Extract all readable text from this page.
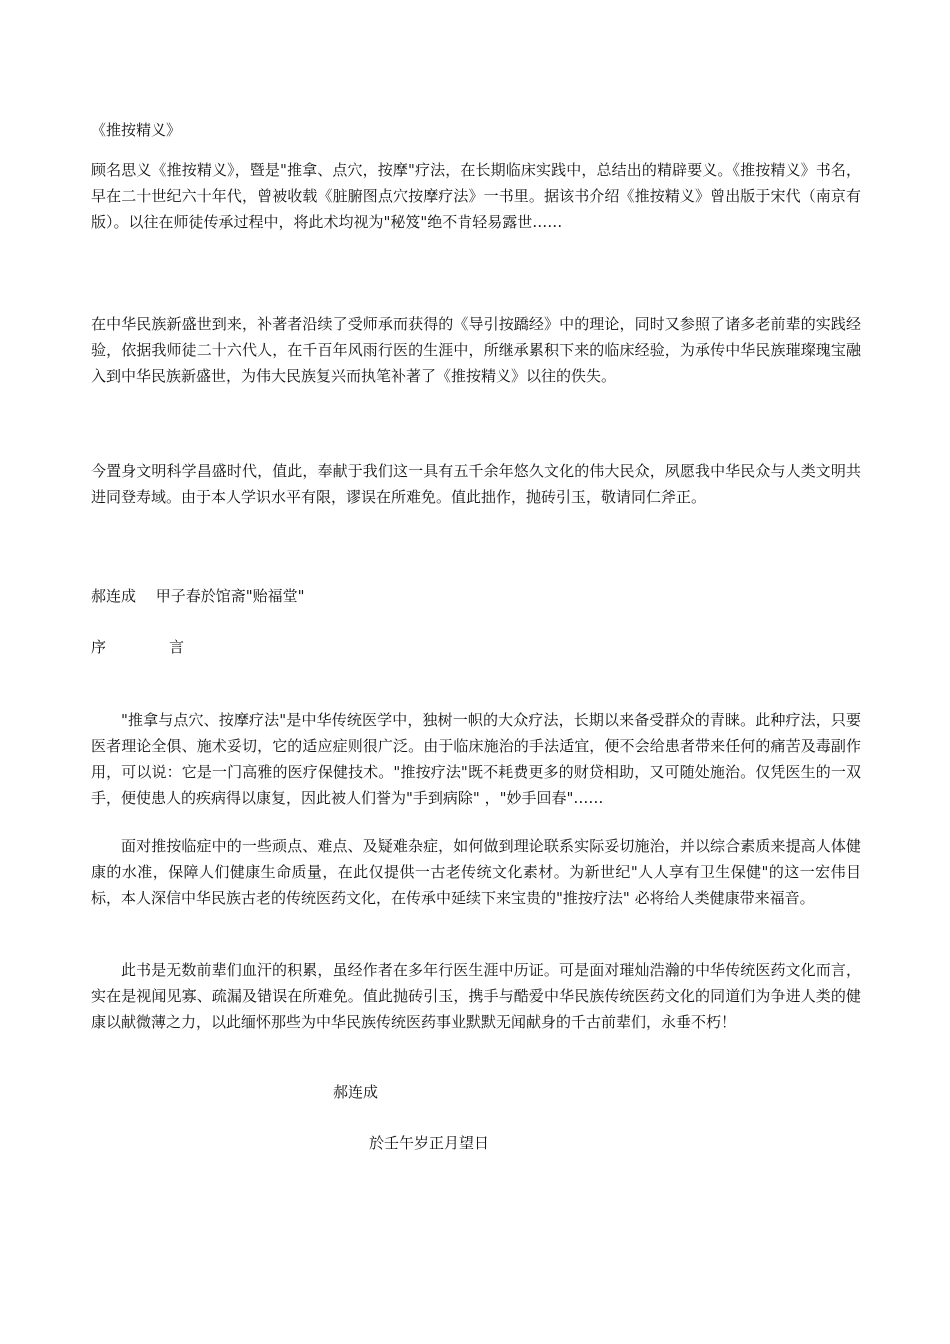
《推按精义》
顾名思义《推按精义》，暨是"推拿、点穴，按摩"疗法，在长期临床实践中，总结出的精辟要义。《推按精义》书名，早在二十世纪六十年代，曾被收载《脏腑图点穴按摩疗法》一书里。据该书介绍《推按精义》曾出版于宋代（南京有版）。以往在师徒传承过程中，将此术均视为"秘笈"绝不肯轻易露世……
在中华民族新盛世到来，补著者沿续了受师承而获得的《导引按蹻经》中的理论，同时又参照了诸多老前辈的实践经验，依据我师徒二十六代人，在千百年风雨行医的生涯中，所继承累积下来的临床经验，为承传中华民族璀璨瑰宝融入到中华民族新盛世，为伟大民族复兴而执笔补著了《推按精义》以往的佚失。
今置身文明科学昌盛时代，值此，奉献于我们这一具有五千余年悠久文化的伟大民众，夙愿我中华民众与人类文明共进同登寿域。由于本人学识水平有限，谬误在所难免。值此拙作，抛砖引玉，敬请同仁斧正。
郝连成　 甲子春於馆斋"贻福堂"
序	言
"推拿与点穴、按摩疗法"是中华传统医学中，独树一帜的大众疗法，长期以来备受群众的青睐。此种疗法，只要医者理论全俱、施术妥切，它的适应症则很广泛。由于临床施治的手法适宜，便不会给患者带来任何的痛苦及毒副作用，可以说：它是一门高雅的医疗保健技术。"推按疗法"既不耗费更多的财贷相助，又可随处施治。仅凭医生的一双手，便使患人的疾病得以康复，因此被人们誉为"手到病除" ，"妙手回春"……
面对推按临症中的一些顽点、难点、及疑难杂症，如何做到理论联系实际妥切施治，并以综合素质来提高人体健康的水准，保障人们健康生命质量，在此仅提供一古老传统文化素材。为新世纪"人人享有卫生保健"的这一宏伟目标，本人深信中华民族古老的传统医药文化，在传承中延续下来宝贵的"推按疗法" 必将给人类健康带来福音。
此书是无数前辈们血汗的积累，虽经作者在多年行医生涯中历证。可是面对璀灿浩瀚的中华传统医药文化而言，实在是视闻见寡、疏漏及错误在所难免。值此抛砖引玉，携手与酷爱中华民族传统医药文化的同道们为争进人类的健康以献微薄之力，以此缅怀那些为中华民族传统医药事业默默无闻献身的千古前辈们，永垂不朽！
郝连成
於壬午岁正月望日
